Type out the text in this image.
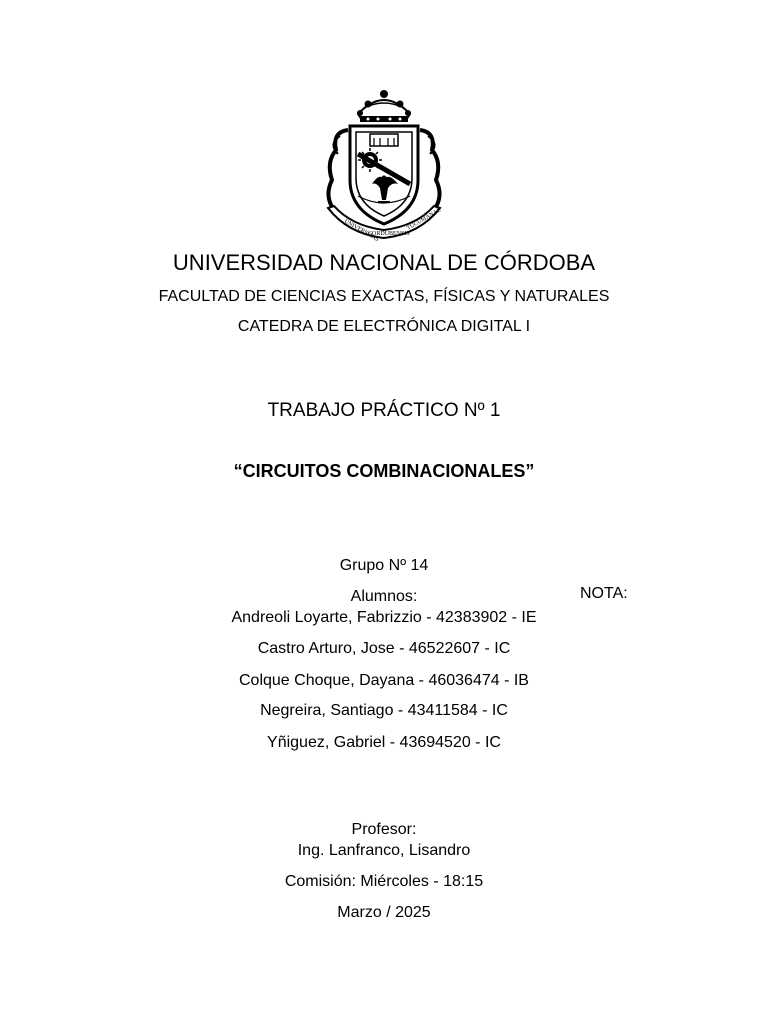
UNIVERSITAS
CORDUBENSIS
TUCUMANAE
UNIVERSIDAD NACIONAL DE CÓRDOBA
FACULTAD DE CIENCIAS EXACTAS, FÍSICAS Y NATURALES
CATEDRA DE ELECTRÓNICA DIGITAL I
TRABAJO PRÁCTICO Nº 1
“CIRCUITOS COMBINACIONALES”
Grupo Nº 14
Alumnos:	NOTA:
Andreoli Loyarte, Fabrizzio - 42383902 - IE
Castro Arturo, Jose - 46522607 - IC
Colque Choque, Dayana - 46036474 - IB
Negreira, Santiago - 43411584 - IC
Yñiguez, Gabriel - 43694520 - IC
Profesor:
Ing. Lanfranco, Lisandro
Comisión: Miércoles - 18:15
Marzo / 2025
